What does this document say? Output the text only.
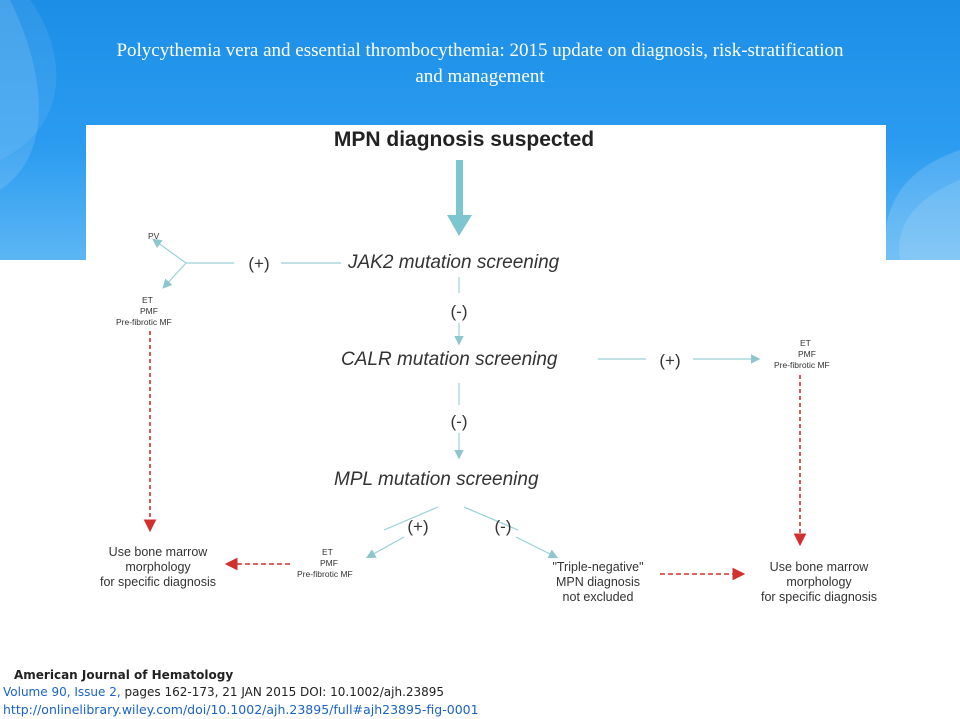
Polycythemia vera and essential thrombocythemia: 2015 update on diagnosis, risk-stratification
and management
MPN diagnosis suspected
JAK2 mutation screening
(+)
PV
ET
PMF
Pre-fibrotic MF
(-)
CALR mutation screening	(+)
ET
PMF
Pre-fibrotic MF
(-)
MPL mutation screening
(+)	(-)
ET
PMF
Pre-fibrotic MF	"Triple-negative"
MPN diagnosis
not excluded
Use bone marrow
morphology
for specific diagnosis
Use bone marrow
morphology
for specific diagnosis
American Journal of Hematology
Volume 90, Issue 2, pages 162-173, 21 JAN 2015 DOI: 10.1002/ajh.23895
http://onlinelibrary.wiley.com/doi/10.1002/ajh.23895/full#ajh23895-fig-0001
